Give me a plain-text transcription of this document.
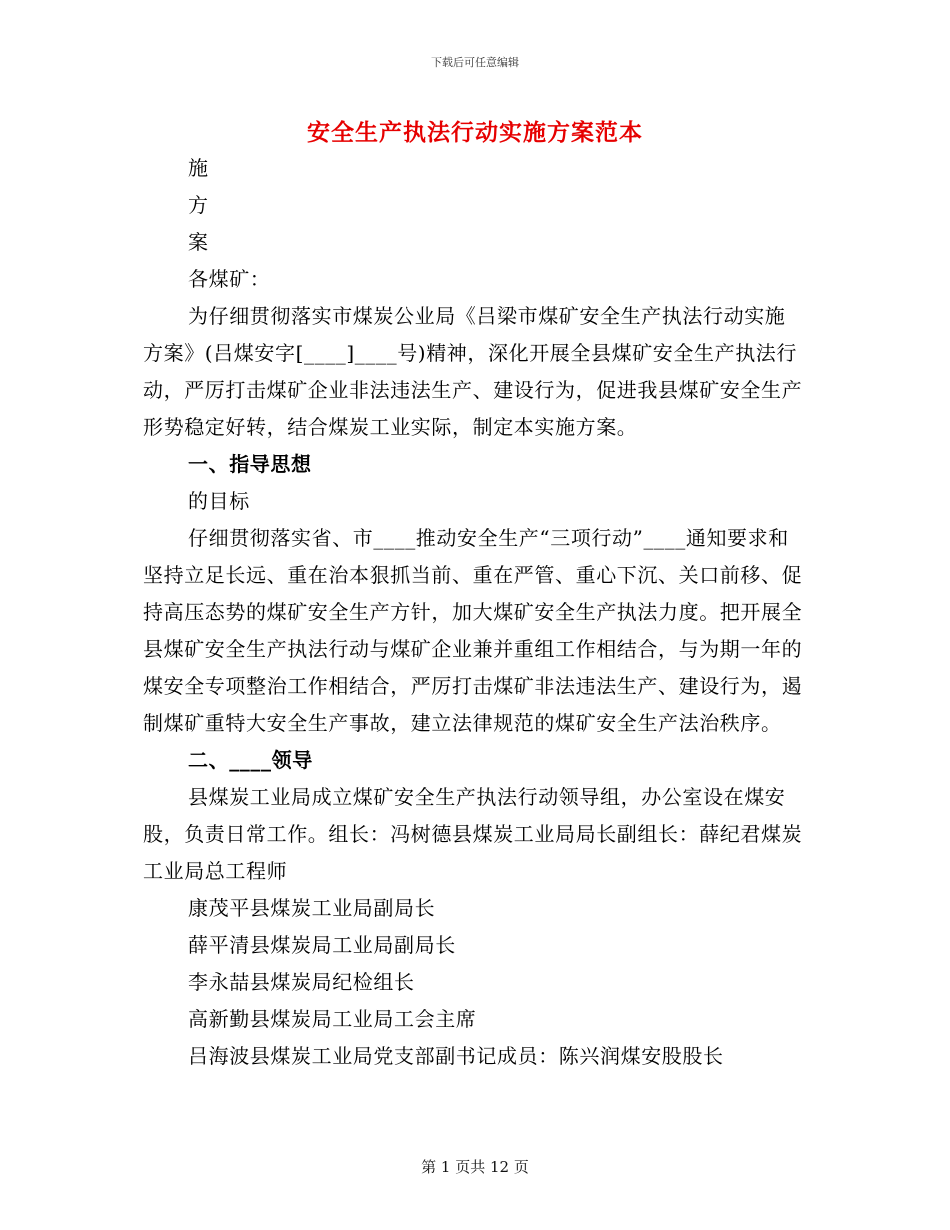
下载后可任意编辑
安全生产执法行动实施方案范本

施

方

案

各煤矿：

为仔细贯彻落实市煤炭公业局《吕梁市煤矿安全生产执法行动实施方案》(吕煤安字[____]____号)精神，深化开展全县煤矿安全生产执法行动，严厉打击煤矿企业非法违法生产、建设行为，促进我县煤矿安全生产形势稳定好转，结合煤炭工业实际，制定本实施方案。

一、指导思想

的目标

仔细贯彻落实省、市____推动安全生产“三项行动”____通知要求和坚持立足长远、重在治本狠抓当前、重在严管、重心下沉、关口前移、促持高压态势的煤矿安全生产方针，加大煤矿安全生产执法力度。把开展全县煤矿安全生产执法行动与煤矿企业兼并重组工作相结合，与为期一年的煤安全专项整治工作相结合，严厉打击煤矿非法违法生产、建设行为，遏制煤矿重特大安全生产事故，建立法律规范的煤矿安全生产法治秩序。

二、____领导

县煤炭工业局成立煤矿安全生产执法行动领导组，办公室设在煤安股，负责日常工作。组长：冯树德县煤炭工业局局长副组长：薛纪君煤炭工业局总工程师

康茂平县煤炭工业局副局长

薛平清县煤炭局工业局副局长

李永喆县煤炭局纪检组长

高新勤县煤炭局工业局工会主席

吕海波县煤炭工业局党支部副书记成员：陈兴润煤安股股长

第 1 页共 12 页
